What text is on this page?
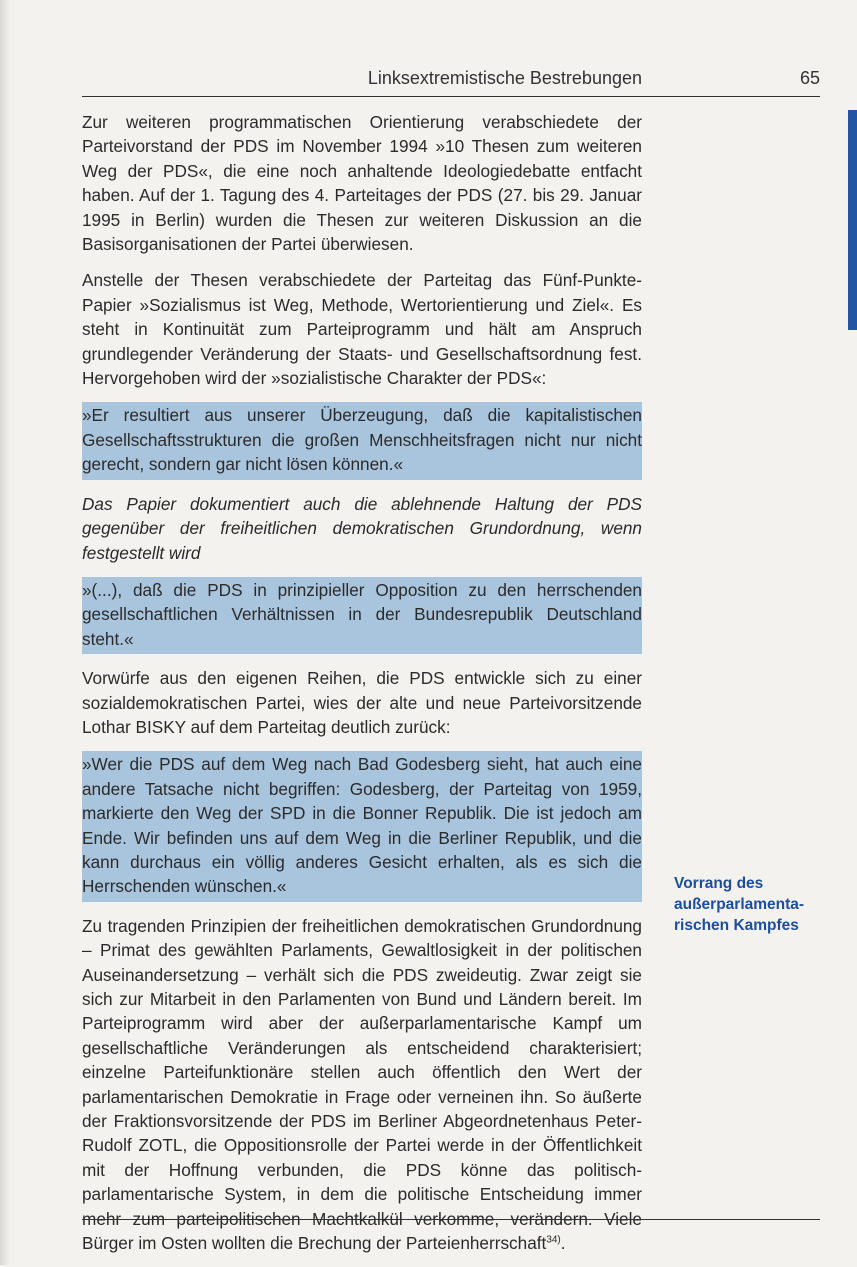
Linksextremistische Bestrebungen	65

Zur weiteren programmatischen Orientierung verabschiedete der Parteivorstand der PDS im November 1994 »10 Thesen zum weiteren Weg der PDS«, die eine noch anhaltende Ideologiedebatte entfacht haben. Auf der 1. Tagung des 4. Parteitages der PDS (27. bis 29. Januar 1995 in Berlin) wurden die Thesen zur weiteren Diskussion an die Basisorganisationen der Partei überwiesen.

Anstelle der Thesen verabschiedete der Parteitag das Fünf-Punkte-Papier »Sozialismus ist Weg, Methode, Wertorientierung und Ziel«. Es steht in Kontinuität zum Parteiprogramm und hält am Anspruch grundlegender Veränderung der Staats- und Gesellschaftsordnung fest. Hervorgehoben wird der »sozialistische Charakter der PDS«:

»Er resultiert aus unserer Überzeugung, daß die kapitalistischen Gesellschaftsstrukturen die großen Menschheitsfragen nicht nur nicht gerecht, sondern gar nicht lösen können.«

Das Papier dokumentiert auch die ablehnende Haltung der PDS gegenüber der freiheitlichen demokratischen Grundordnung, wenn festgestellt wird

»(...), daß die PDS in prinzipieller Opposition zu den herrschenden gesellschaftlichen Verhältnissen in der Bundesrepublik Deutschland steht.«

Vorwürfe aus den eigenen Reihen, die PDS entwickle sich zu einer sozialdemokratischen Partei, wies der alte und neue Parteivorsitzende Lothar BISKY auf dem Parteitag deutlich zurück:

»Wer die PDS auf dem Weg nach Bad Godesberg sieht, hat auch eine andere Tatsache nicht begriffen: Godesberg, der Parteitag von 1959, markierte den Weg der SPD in die Bonner Republik. Die ist jedoch am Ende. Wir befinden uns auf dem Weg in die Berliner Republik, und die kann durchaus ein völlig anderes Gesicht erhalten, als es sich die Herrschenden wünschen.«

Zu tragenden Prinzipien der freiheitlichen demokratischen Grundordnung – Primat des gewählten Parlaments, Gewaltlosigkeit in der politischen Auseinandersetzung – verhält sich die PDS zweideutig. Zwar zeigt sie sich zur Mitarbeit in den Parlamenten von Bund und Ländern bereit. Im Parteiprogramm wird aber der außerparlamentarische Kampf um gesellschaftliche Veränderungen als entscheidend charakterisiert; einzelne Parteifunktionäre stellen auch öffentlich den Wert der parlamentarischen Demokratie in Frage oder verneinen ihn. So äußerte der Fraktionsvorsitzende der PDS im Berliner Abgeordnetenhaus Peter-Rudolf ZOTL, die Oppositionsrolle der Partei werde in der Öffentlichkeit mit der Hoffnung verbunden, die PDS könne das politisch-parlamentarische System, in dem die politische Entscheidung immer mehr zum parteipolitischen Machtkalkül verkomme, verändern. Viele Bürger im Osten wollten die Brechung der Parteienherrschaft$^{34)}$.

Vorrang des außerparlamenta-rischen Kampfes
